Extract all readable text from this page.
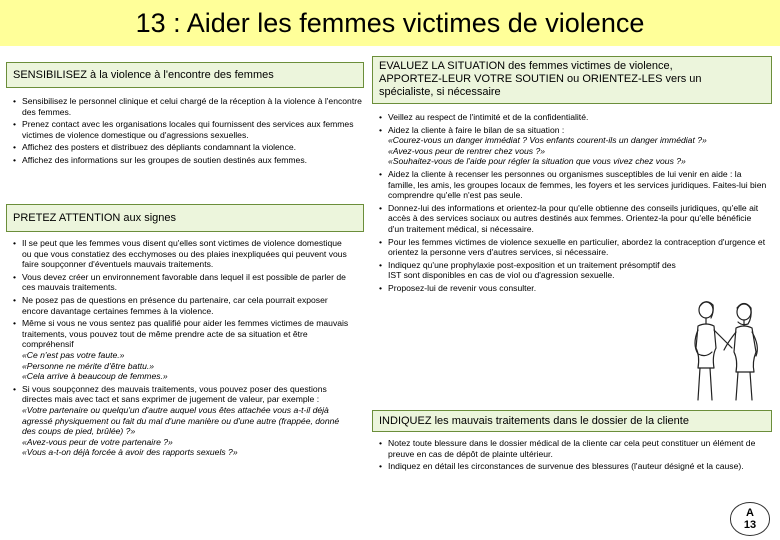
13 : Aider les femmes victimes de violence
SENSIBILISEZ à la violence à l'encontre des femmes
• Sensibilisez le personnel clinique et celui chargé de la réception à la violence à l'encontre des femmes.
• Prenez contact avec les organisations locales qui fournissent des services aux femmes victimes de violence domestique ou d'agressions sexuelles.
• Affichez des posters et distribuez des dépliants condamnant la violence.
• Affichez des informations sur les groupes de soutien destinés aux femmes.
PRETEZ ATTENTION aux signes
• Il se peut que les femmes vous disent qu'elles sont victimes de violence domestique ou que vous constatiez des ecchymoses ou des plaies inexpliquées qui peuvent vous faire soupçonner d'éventuels mauvais traitements.
• Vous devez créer un environnement favorable dans lequel il est possible de parler de ces mauvais traitements.
• Ne posez pas de questions en présence du partenaire, car cela pourrait exposer encore davantage certaines femmes à la violence.
• Même si vous ne vous sentez pas qualifié pour aider les femmes victimes de mauvais traitements, vous pouvez tout de même prendre acte de sa situation et être compréhensif
«Ce n'est pas votre faute.»
«Personne ne mérite d'être battu.»
«Cela arrive à beaucoup de femmes.»
• Si vous soupçonnez des mauvais traitements, vous pouvez poser des questions directes mais avec tact et sans exprimer de jugement de valeur, par exemple :
«Votre partenaire ou quelqu'un d'autre auquel vous êtes attachée vous a-t-il déjà agressé physiquement ou fait du mal d'une manière ou d'une autre (frappée, donné des coups de pied, brûlée) ?»
«Avez-vous peur de votre partenaire ?»
«Vous a-t-on déjà forcée à avoir des rapports sexuels ?»
EVALUEZ LA SITUATION des femmes victimes de violence,
APPORTEZ-LEUR VOTRE SOUTIEN ou ORIENTEZ-LES vers un
spécialiste, si nécessaire
• Veillez au respect de l'intimité et de la confidentialité.
• Aidez la cliente à faire le bilan de sa situation :
«Courez-vous un danger immédiat ? Vos enfants courent-ils un danger immédiat ?»
«Avez-vous peur de rentrer chez vous ?»
«Souhaitez-vous de l'aide pour régler la situation que vous vivez chez vous ?»
• Aidez la cliente à recenser les personnes ou organismes susceptibles de lui venir en aide : la famille, les amis, les groupes locaux de femmes, les foyers et les services juridiques. Faites-lui bien comprendre qu'elle n'est pas seule.
• Donnez-lui des informations et orientez-la pour qu'elle obtienne des conseils juridiques, qu'elle ait accès à des services sociaux ou autres destinés aux femmes. Orientez-la pour qu'elle bénéficie d'un traitement médical, si nécessaire.
• Pour les femmes victimes de violence sexuelle en particulier, abordez la contraception d'urgence et orientez la personne vers d'autres services, si nécessaire.
• Indiquez qu'une prophylaxie post-exposition et un traitement présomptif des IST sont disponibles en cas de viol ou d'agression sexuelle.
• Proposez-lui de revenir vous consulter.
INDIQUEZ les mauvais traitements dans le dossier de la cliente
• Notez toute blessure dans le dossier médical de la cliente car cela peut constituer un élément de preuve en cas de dépôt de plainte ultérieur.
• Indiquez en détail les circonstances de survenue des blessures (l'auteur désigné et la cause).
A
13
